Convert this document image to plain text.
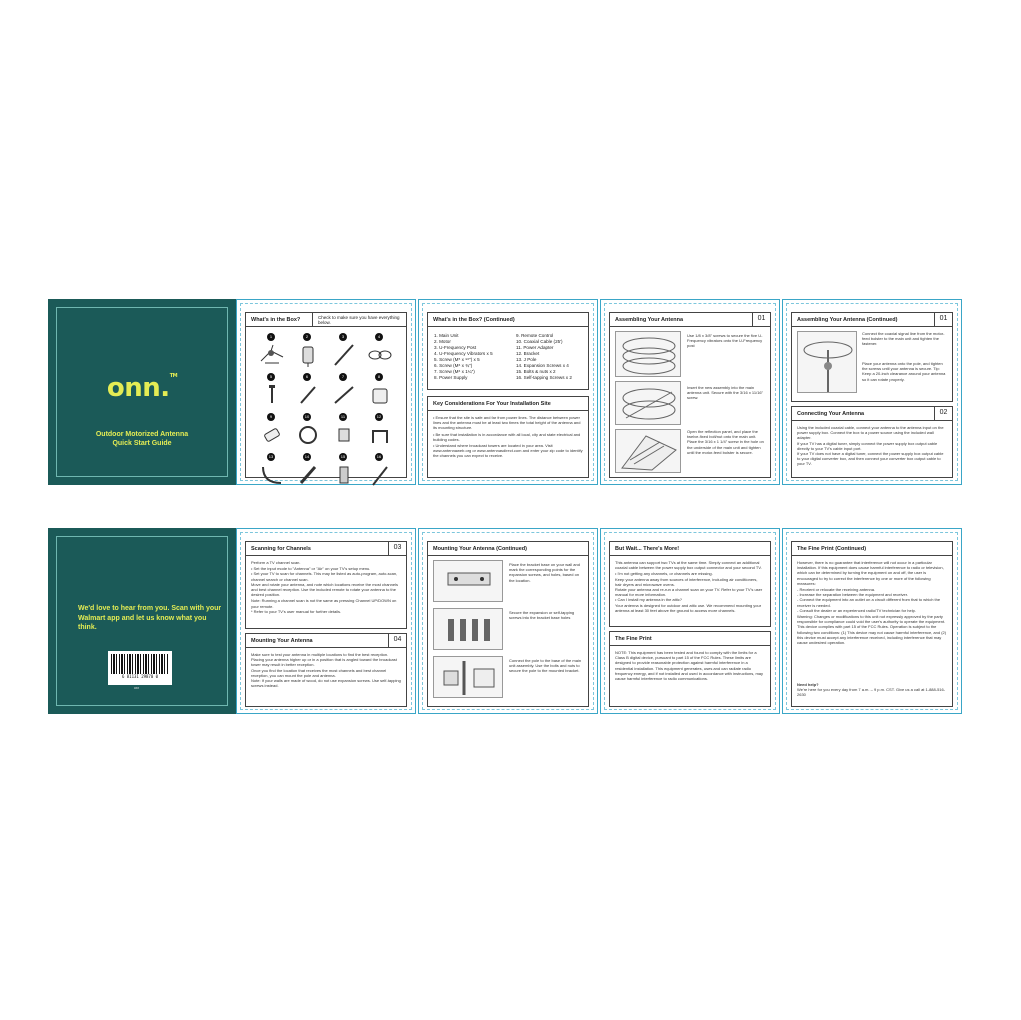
onn.™
Outdoor Motorized Antenna
Quick Start Guide
What's in the Box?	Check to make sure you have everything below.
1	2	3	4
5	6	7	8
9	10	11	12
13	14	15	16
What's in the Box? (Continued)
1. Main Unit
2. Motor
3. U-Frequency Post
4. U-Frequency Vibrators x 5
5. Screw (M⁵ x ⁹⁶″) x 5
6. Screw (M⁶ x ¾″)
7. Screw (M⁶ x 1¼″)
8. Power Supply
9. Remote Control
10. Coaxial Cable (25')
11. Power Adapter
12. Bracket
13. J Pole
14. Expansion Screws x 4
15. Bolts & nuts x 2
16. Self-tapping Screws x 2
Key Considerations For Your Installation Site

• Ensure that the site is safe and far from power lines. The distance between power lines and the antenna must be at least two times the total height of the antenna and its mounting structure.

• Be sure that installation is in accordance with all local, city and state electrical and building codes.

• Understand where broadcast towers are located in your area. Visit www.antennaweb.org or www.antennasdirect.com and enter your zip code to identify the channels you can expect to receive.

Assembling Your Antenna	01
Use 1/8 x 3/8" screws to secure the five U-Frequency vibrators onto the U-Frequency post
Insert the new assembly into the main antenna unit. Secure with the 3/16 x 11/16" screw.
Open the reflection panel, and place the twelve-fixed bolt/nut onto the main unit. Place the 3/16 x 1 1/4" screw in the hole on the underside of the main unit and tighten until the motor-feed bolster is secure.
Assembling Your Antenna (Continued)	01
Connect the coaxial signal line from the motor-feed bolster to the main unit and tighten the fastener.
Place your antenna onto the pole, and tighten the screws until your antenna is secure. Tip: Keep a 20-inch clearance around your antenna so it can rotate properly.
Connecting Your Antenna	02
Using the included coaxial cable, connect your antenna to the antenna input on the power supply box. Connect the box to a power source using the included wall adapter.
If your TV has a digital tuner, simply connect the power supply box output cable directly to your TV's cable input port.
If your TV does not have a digital tuner, connect the power supply box output cable to your digital converter box, and then connect your converter box output cable to your TV.
We'd love to hear from you. Scan with your Walmart app and let us know what you think.
6 81131 29870 0
###
Scanning for Channels	03

Perform a TV channel scan.

• Set the input mode to "Antenna" or "Air" on your TV's setup menu.
• Set your TV to scan for channels. This may be listed as auto-program, auto-scan, channel search or channel scan.

Move and rotate your antenna, and note which locations receive the most channels and best channel reception. Use the included remote to rotate your antenna to the desired position.

Note: Running a channel scan is not the same as pressing Channel UP/DOWN on your remote.
* Refer to your TV's user manual for further details.
Mounting Your Antenna	04
Make sure to test your antenna in multiple locations to find the best reception. Placing your antenna higher up or in a position that is angled toward the broadcast tower may result in better reception.
Once you find the location that receives the most channels and best channel reception, you can mount the pole and antenna.
Note: If your walls are made of wood, do not use expansion screws. Use self-tapping screws instead.
Mounting Your Antenna (Continued)
Place the bracket base on your wall and mark the corresponding points for the expansion screws, and holes, based on the location.
Secure the expansion or self-tapping screws into the bracket base holes
Connect the pole to the base of the main unit assembly. Use the bolts and nuts to secure the pole to the mounted bracket.
But Wait... There's More!

This antenna can support two TVs at the same time. Simply connect an additional coaxial cable between the power supply box output connector and your second TV.

• I'm not getting any channels, or channels are missing.
Keep your antenna away from sources of interference, including air conditioners, hair dryers and microwave ovens.
Rotate your antenna and re-run a channel scan on your TV. Refer to your TV's user manual for more information.
• Can I install my antenna in the attic?
Your antenna is designed for outdoor and attic use. We recommend mounting your antenna at least 30 feet above the ground to access more channels.
The Fine Print
NOTE: This equipment has been tested and found to comply with the limits for a Class B digital device, pursuant to part 15 of the FCC Rules. These limits are designed to provide reasonable protection against harmful interference in a residential installation. This equipment generates, uses and can radiate radio frequency energy, and if not installed and used in accordance with instructions, may cause harmful interference to radio communications.
The Fine Print (Continued)

However, there is no guarantee that interference will not occur in a particular installation. If this equipment does cause harmful interference to radio or television, which can be determined by turning the equipment on and off, the user is encouraged to try to correct the interference by one or more of the following measures:

- Reorient or relocate the receiving antenna.
- Increase the separation between the equipment and receiver.
- Connect the equipment into an outlet on a circuit different from that to which the receiver is needed.

- Consult the dealer or an experienced radio/TV technician for help.

Warning: Changes or modifications to this unit not expressly approved by the party responsible for compliance could void the user's authority to operate the equipment. This device complies with part 15 of the FCC Rules. Operation is subject to the following two conditions: (1) This device may not cause harmful interference, and (2) this device must accept any interference received, including interference that may cause undesired operation.

Need help?
We're here for you every day from 7 a.m. – 9 p.m. CST. Give us a call at 1-888-516-2630
